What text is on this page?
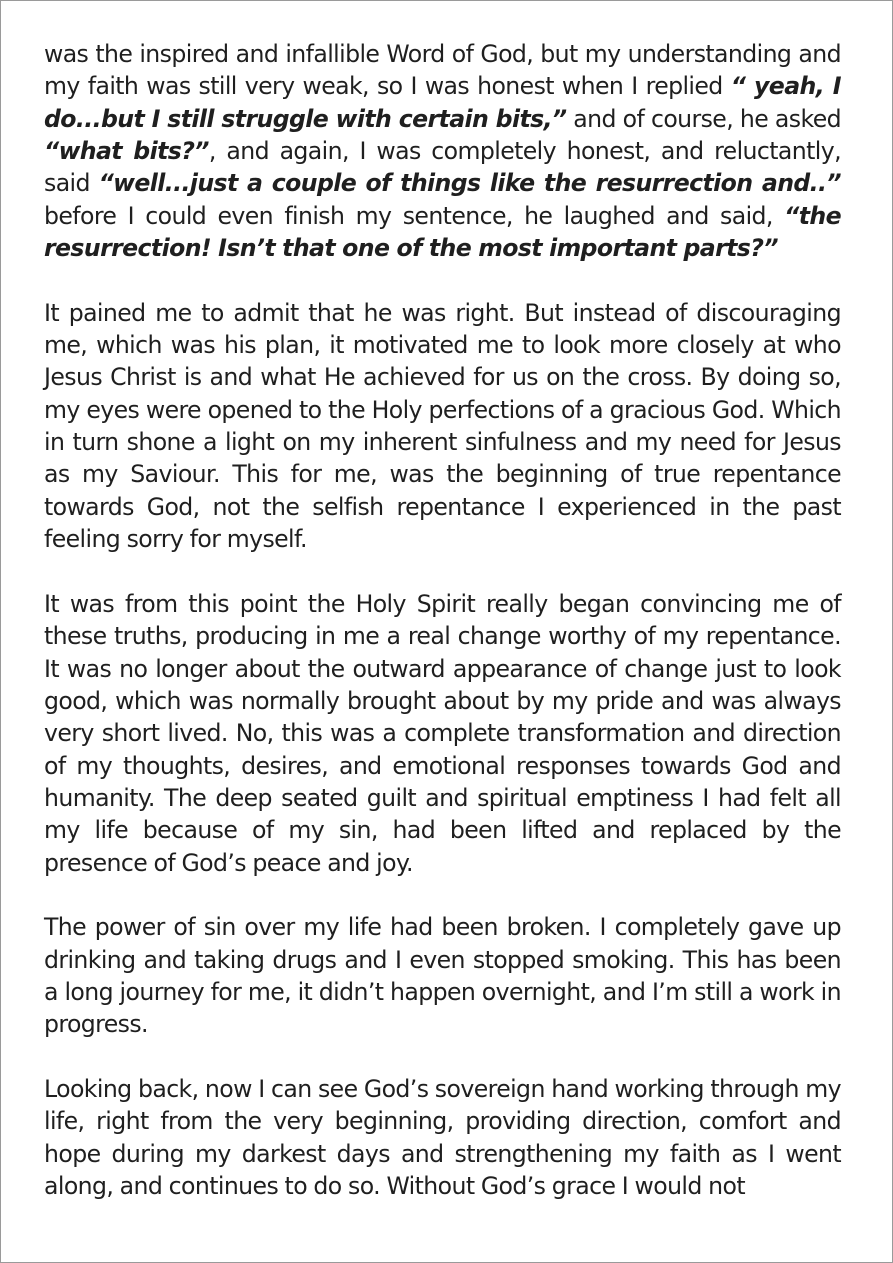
was the inspired and infallible Word of God, but my understanding and my faith was still very weak, so I was honest when I replied “ yeah, I do...but I still struggle with certain bits,” and of course, he asked “what bits?”, and again, I was completely honest, and reluctantly, said “well...just a couple of things like the resurrection and..” before I could even finish my sentence, he laughed and said, “the resurrection! Isn’t that one of the most important parts?”

It pained me to admit that he was right. But instead of discouraging me, which was his plan, it motivated me to look more closely at who Jesus Christ is and what He achieved for us on the cross. By doing so, my eyes were opened to the Holy perfections of a gracious God. Which in turn shone a light on my inherent sinfulness and my need for Jesus as my Saviour. This for me, was the beginning of true repentance towards God, not the selfish repentance I experienced in the past feeling sorry for myself.

It was from this point the Holy Spirit really began convincing me of these truths, producing in me a real change worthy of my repentance. It was no longer about the outward appearance of change just to look good, which was normally brought about by my pride and was always very short lived. No, this was a complete transformation and direction of my thoughts, desires, and emotional responses towards God and humanity. The deep seated guilt and spiritual emptiness I had felt all my life because of my sin, had been lifted and replaced by the presence of God’s peace and joy.

The power of sin over my life had been broken. I completely gave up drinking and taking drugs and I even stopped smoking. This has been a long journey for me, it didn’t happen overnight, and I’m still a work in progress.

Looking back, now I can see God’s sovereign hand working through my life, right from the very beginning, providing direction, comfort and hope during my darkest days and strengthening my faith as I went along, and continues to do so. Without God’s grace I would not
